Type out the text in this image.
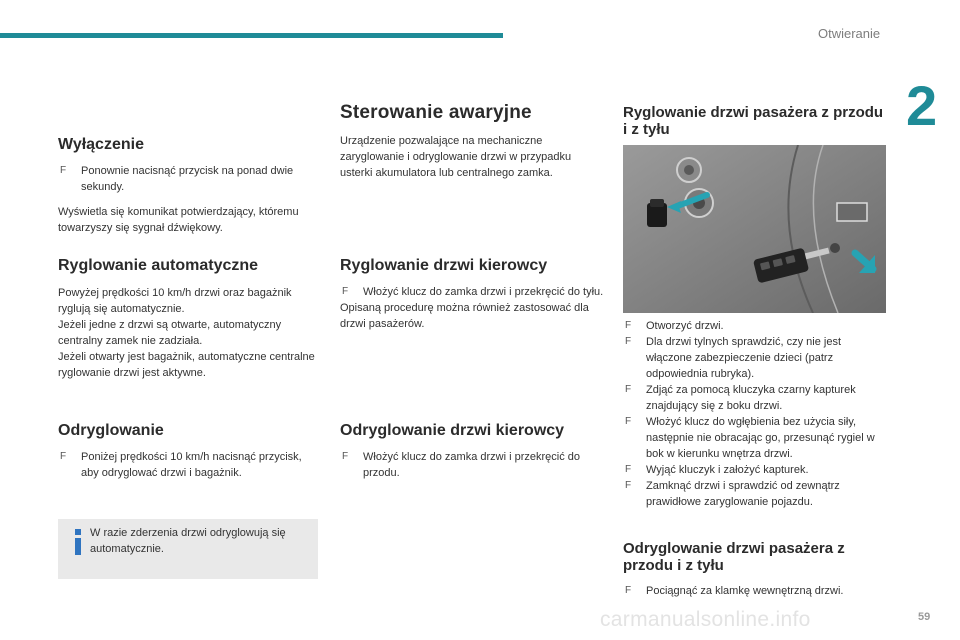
Otwieranie
2
Wyłączenie
F Ponownie nacisnąć przycisk na ponad dwie sekundy.

Wyświetla się komunikat potwierdzający, któremu towarzyszy się sygnał dźwiękowy.

Ryglowanie automatyczne

Powyżej prędkości 10 km/h drzwi oraz bagażnik ryglują się automatycznie.

Jeżeli jedne z drzwi są otwarte, automatyczny centralny zamek nie zadziała.

Jeżeli otwarty jest bagażnik, automatyczne centralne ryglowanie drzwi jest aktywne.

Odryglowanie
F Poniżej prędkości 10 km/h nacisnąć przycisk, aby odryglować drzwi i bagażnik.
W razie zderzenia drzwi odryglowują się automatycznie.
Sterowanie awaryjne

Urządzenie pozwalające na mechaniczne zaryglowanie i odryglowanie drzwi w przypadku usterki akumulatora lub centralnego zamka.

Ryglowanie drzwi kierowcy
F Włożyć klucz do zamka drzwi i przekręcić do tyłu.

Opisaną procedurę można również zastosować dla drzwi pasażerów.

Odryglowanie drzwi kierowcy
F Włożyć klucz do zamka drzwi i przekręcić do przodu.
Ryglowanie drzwi pasażera z przodu i z tyłu
F Otworzyć drzwi.
F Dla drzwi tylnych sprawdzić, czy nie jest włączone zabezpieczenie dzieci (patrz odpowiednia rubryka).
F Zdjąć za pomocą kluczyka czarny kapturek znajdujący się z boku drzwi.
F Włożyć klucz do wgłębienia bez użycia siły, następnie nie obracając go, przesunąć rygiel w bok w kierunku wnętrza drzwi.
F Wyjąć kluczyk i założyć kapturek.
F Zamknąć drzwi i sprawdzić od zewnątrz prawidłowe zaryglowanie pojazdu.
Odryglowanie drzwi pasażera z przodu i z tyłu
F Pociągnąć za klamkę wewnętrzną drzwi.
carmanualsonline.info	59
